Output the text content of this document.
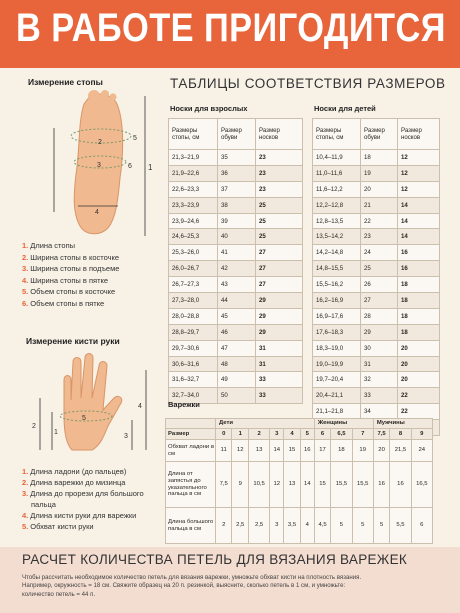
В РАБОТЕ ПРИГОДИТСЯ
Измерение стопы
1
2
3
4
5
6
1. Длина стопы
2. Ширина стопы в косточке
3. Ширина стопы в подъеме
4. Ширина стопы в пятке
5. Объем стопы в косточке
6. Объем стопы в пятке
Измерение кисти руки
1
2
3
4
5
1. Длина ладони (до пальцев)
2. Длина варежки до мизинца
3. Длина до прорези для большого
пальца
4. Длина кисти руки для варежки
5. Обхват кисти руки
ТАБЛИЦЫ СООТВЕТСТВИЯ РАЗМЕРОВ
Носки для взрослых
Размеры стопы, см	Размер обуви	Размер носков
21,3–21,9	35	23
21,9–22,6	36	23
22,6–23,3	37	23
23,3–23,9	38	25
23,9–24,6	39	25
24,6–25,3	40	25
25,3–26,0	41	27
26,0–26,7	42	27
26,7–27,3	43	27
27,3–28,0	44	29
28,0–28,8	45	29
28,8–29,7	46	29
29,7–30,6	47	31
30,6–31,6	48	31
31,6–32,7	49	33
32,7–34,0	50	33
Носки для детей
Размеры стопы, см	Размер обуви	Размер носков
10,4–11,9	18	12
11,0–11,6	19	12
11,6–12,2	20	12
12,2–12,8	21	14
12,8–13,5	22	14
13,5–14,2	23	14
14,2–14,8	24	16
14,8–15,5	25	16
15,5–16,2	26	18
16,2–16,9	27	18
16,9–17,6	28	18
17,6–18,3	29	18
18,3–19,0	30	20
19,0–19,9	31	20
19,7–20,4	32	20
20,4–21,1	33	22
21,1–21,8	34	22

Варежки
	Дети						Женщины			Мужчины		
Размер	0	1	2	3	4	5	6	6,5	7	7,5	8	9
Обхват ладони в см	11	12	13	14	15	16	17	18	19	20	21,5	24
Длина от запястья до указательного пальца в см	7,5	9	10,5	12	13	14	15	15,5	15,5	16	16	16,5
Длина большого пальца в см	2	2,5	2,5	3	3,5	4	4,5	5	5	5	5,5	6
РАСЧЕТ КОЛИЧЕСТВА ПЕТЕЛЬ ДЛЯ ВЯЗАНИЯ ВАРЕЖЕК
Чтобы рассчитать необходимое количество петель для вязания варежки, умножьте обхват кисти на плотность вязания.
Например, окружность = 18 см. Свяжите образец на 20 п. резинкой, выясните, сколько петель в 1 см, и умножьте:
количество петель = 44 п.
